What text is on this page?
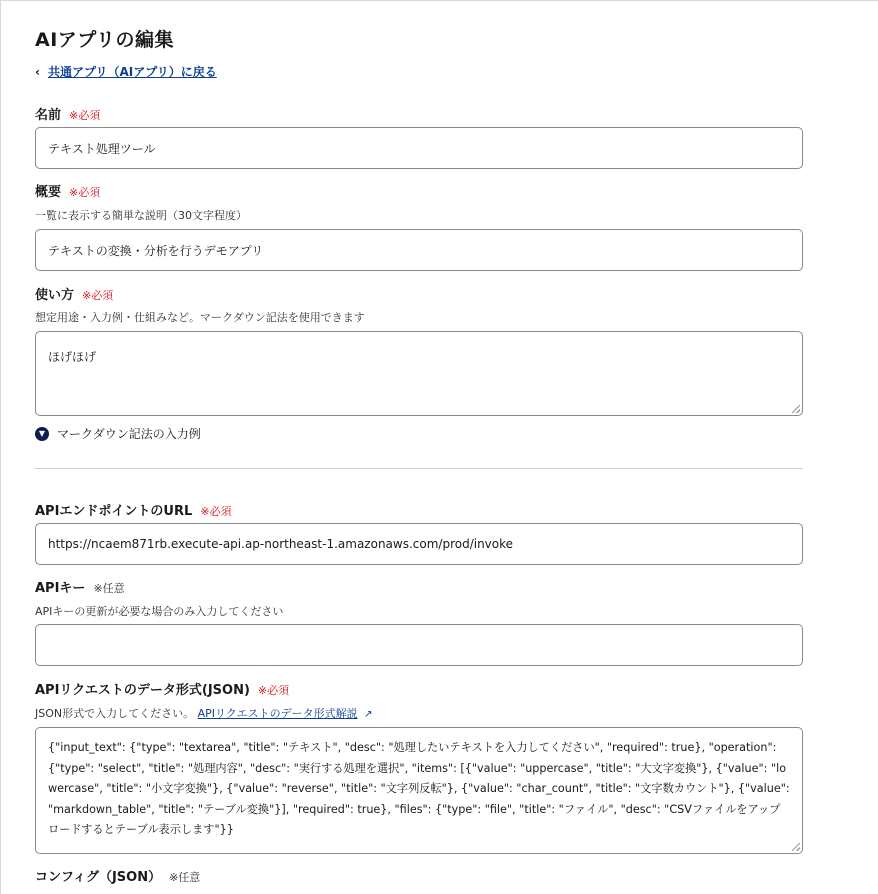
AIアプリの編集
‹ 共通アプリ（AIアプリ）に戻る
名前 ※必須
テキスト処理ツール
概要 ※必須
一覧に表示する簡単な説明（30文字程度）
テキストの変換・分析を行うデモアプリ
使い方 ※必須
想定用途・入力例・仕組みなど。マークダウン記法を使用できます
ほげほげ
▼ マークダウン記法の入力例
APIエンドポイントのURL ※必須
https://ncaem871rb.execute-api.ap-northeast-1.amazonaws.com/prod/invoke
APIキー ※任意
APIキーの更新が必要な場合のみ入力してください
APIリクエストのデータ形式(JSON) ※必須
JSON形式で入力してください。 APIリクエストのデータ形式解説 ↗
{"input_text": {"type": "textarea", "title": "テキスト", "desc": "処理したいテキストを入力してください", "required": true}, "operation": {"type": "select", "title": "処理内容", "desc": "実行する処理を選択", "items": [{"value": "uppercase", "title": "大文字変換"}, {"value": "lowercase", "title": "小文字変換"}, {"value": "reverse", "title": "文字列反転"}, {"value": "char_count", "title": "文字数カウント"}, {"value": "markdown_table", "title": "テーブル変換"}], "required": true}, "files": {"type": "file", "title": "ファイル", "desc": "CSVファイルをアップロードするとテーブル表示します"}}
コンフィグ（JSON） ※任意
